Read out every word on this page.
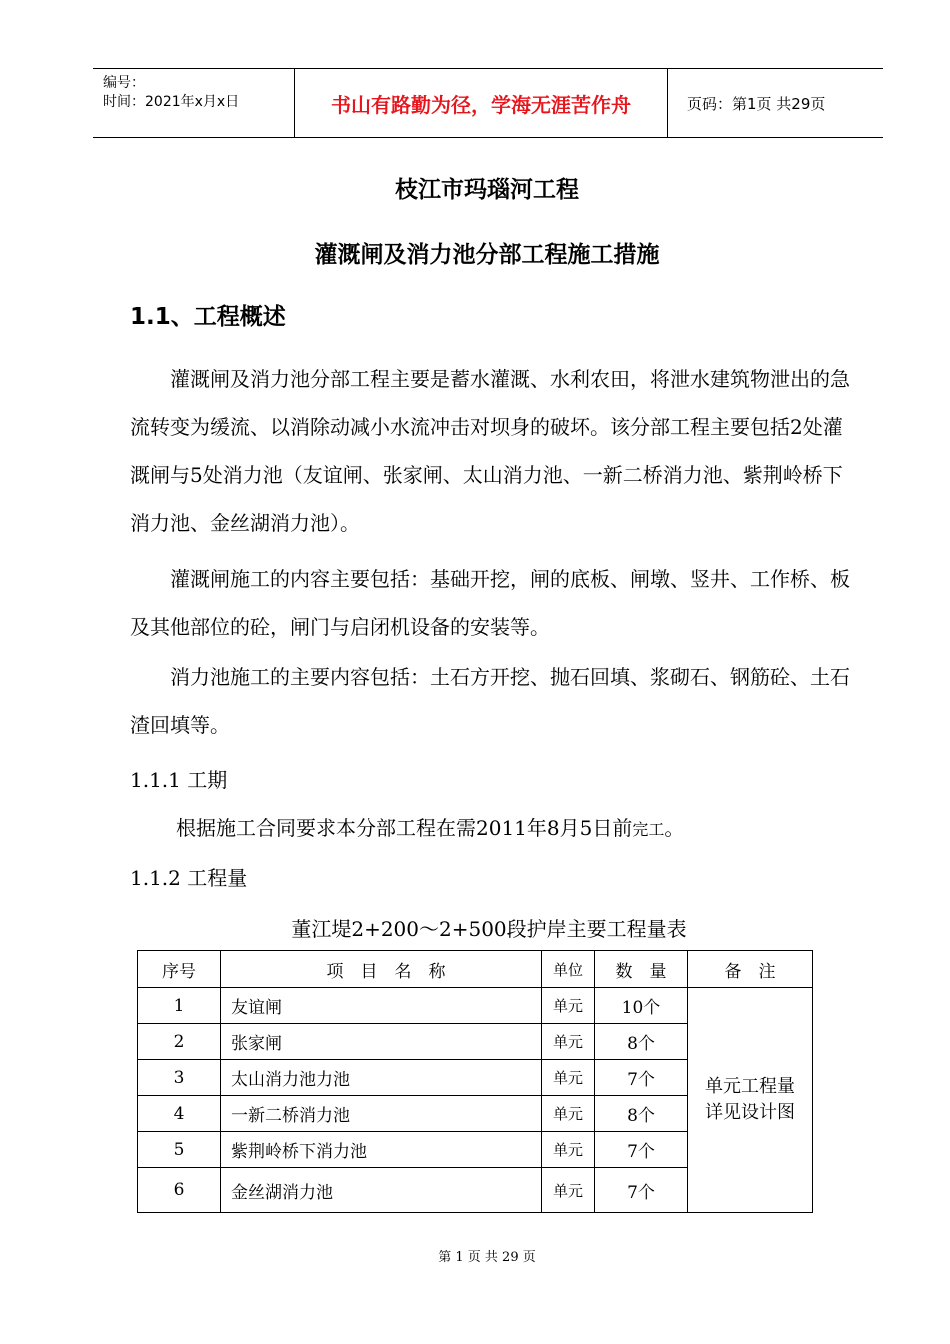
编号：
时间：2021年x月x日	书山有路勤为径，学海无涯苦作舟	页码：第1页 共29页
枝江市玛瑙河工程
灌溉闸及消力池分部工程施工措施
1.1、工程概述

灌溉闸及消力池分部工程主要是蓄水灌溉、水利农田，将泄水建筑物泄出的急流转变为缓流、以消除动减小水流冲击对坝身的破坏。该分部工程主要包括2处灌溉闸与5处消力池（友谊闸、张家闸、太山消力池、一新二桥消力池、紫荆岭桥下消力池、金丝湖消力池）。

灌溉闸施工的内容主要包括：基础开挖，闸的底板、闸墩、竖井、工作桥、板及其他部位的砼，闸门与启闭机设备的安装等。

消力池施工的主要内容包括：土石方开挖、抛石回填、浆砌石、钢筋砼、土石渣回填等。

1.1.1 工期
根据施工合同要求本分部工程在需2011年8月5日前完工。
1.1.2 工程量
董江堤2+200～2+500段护岸主要工程量表
序号	项　目　名　称	单位	数　量	备　注
1	友谊闸	单元	10个	单元工程量详见设计图
2	张家闸	单元	8个	
3	太山消力池力池	单元	7个	
4	一新二桥消力池	单元	8个	
5	紫荆岭桥下消力池	单元	7个	
6	金丝湖消力池	单元	7个	
第 1 页 共 29 页
